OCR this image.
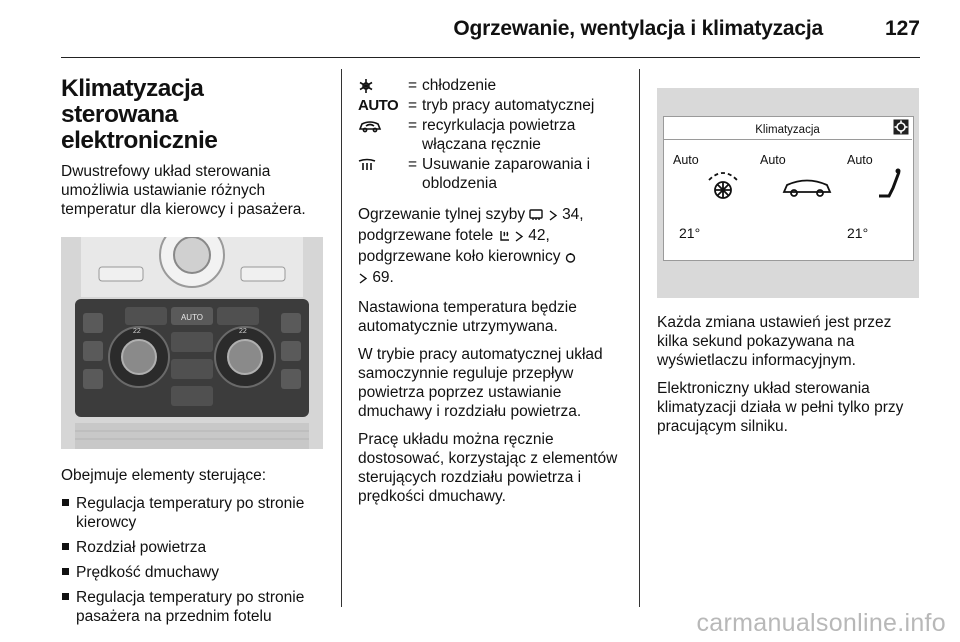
Ogrzewanie, wentylacja i klimatyzacja	127
Klimatyzacja sterowana elektronicznie

Dwustrefowy układ sterowania umożliwia ustawianie różnych temperatur dla kierowcy i pasażera.

AUTO
22	22

Obejmuje elementy sterujące:

Regulacja temperatury po stronie kierowcy
Rozdział powietrza
Prędkość dmuchawy
Regulacja temperatury po stronie pasażera na przednim fotelu
= chłodzenie
AUTO = tryb pracy automatycznej
= recyrkulacja powietrza włączana ręcznie
= Usuwanie zaparowania i oblodzenia

Ogrzewanie tylnej szyby 34,
podgrzewane fotele 42,
podgrzewane koło kierownicy
69.

Nastawiona temperatura będzie automatycznie utrzymywana.

W trybie pracy automatycznej układ samoczynnie reguluje przepływ powietrza poprzez ustawianie dmuchawy i rozdziału powietrza.

Pracę układu można ręcznie dostosować, korzystając z elementów sterujących rozdziału powietrza i prędkości dmuchawy.

Klimatyzacja
Auto	Auto	Auto
21°	21°

Każda zmiana ustawień jest przez kilka sekund pokazywana na wyświetlaczu informacyjnym.

Elektroniczny układ sterowania klimatyzacji działa w pełni tylko przy pracującym silniku.

carmanualsonline.info
